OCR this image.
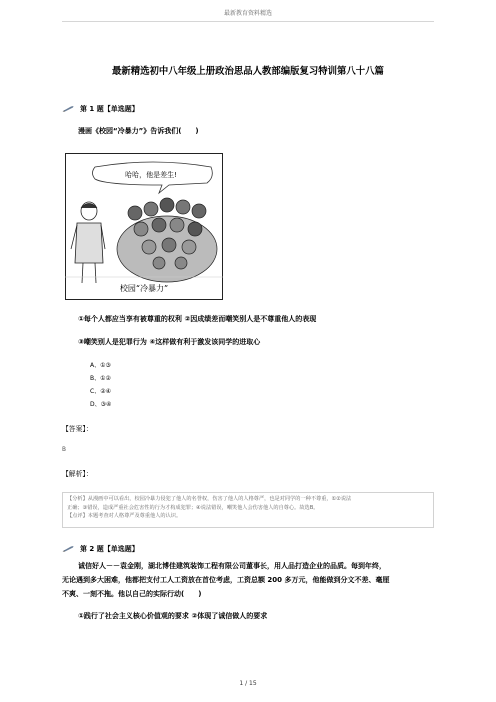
最新教育资料精选
最新精选初中八年级上册政治思品人教部编版复习特训第八十八篇
第 1 题【单选题】
漫画《校园“冷暴力”》告诉我们(　　)
哈哈，他是差生!
校园“冷暴力”
①每个人都应当享有被尊重的权利 ②因成绩差而嘲笑别人是不尊重他人的表现
③嘲笑别人是犯罪行为 ④这样做有利于激发该同学的进取心
A、①③
B、①②
C、②④
D、③④
【答案】：
B
【解析】：
【分析】从漫画中可以看出，校园冷暴力侵犯了他人的名誉权，伤害了他人的人格尊严，也是对同学的一种不尊重，①②说法
正确；③错误，造成严重社会危害性的行为才构成犯罪；④说法错误，嘲笑他人会伤害他人的自尊心。故选B。
【点评】本题考查对人格尊严及尊重他人的认识。
第 2 题【单选题】
诚信好人－－袁金刚，湖北博佳建筑装饰工程有限公司董事长，用人品打造企业的品质。每到年终，
无论遇到多大困难，他都把支付工人工资放在首位考虑，工资总额 200 多万元，他能做到分文不差、毫厘
不爽、一刻不拖。他以自己的实际行动(　　)
①践行了社会主义核心价值观的要求 ②体现了诚信做人的要求
1 / 15
